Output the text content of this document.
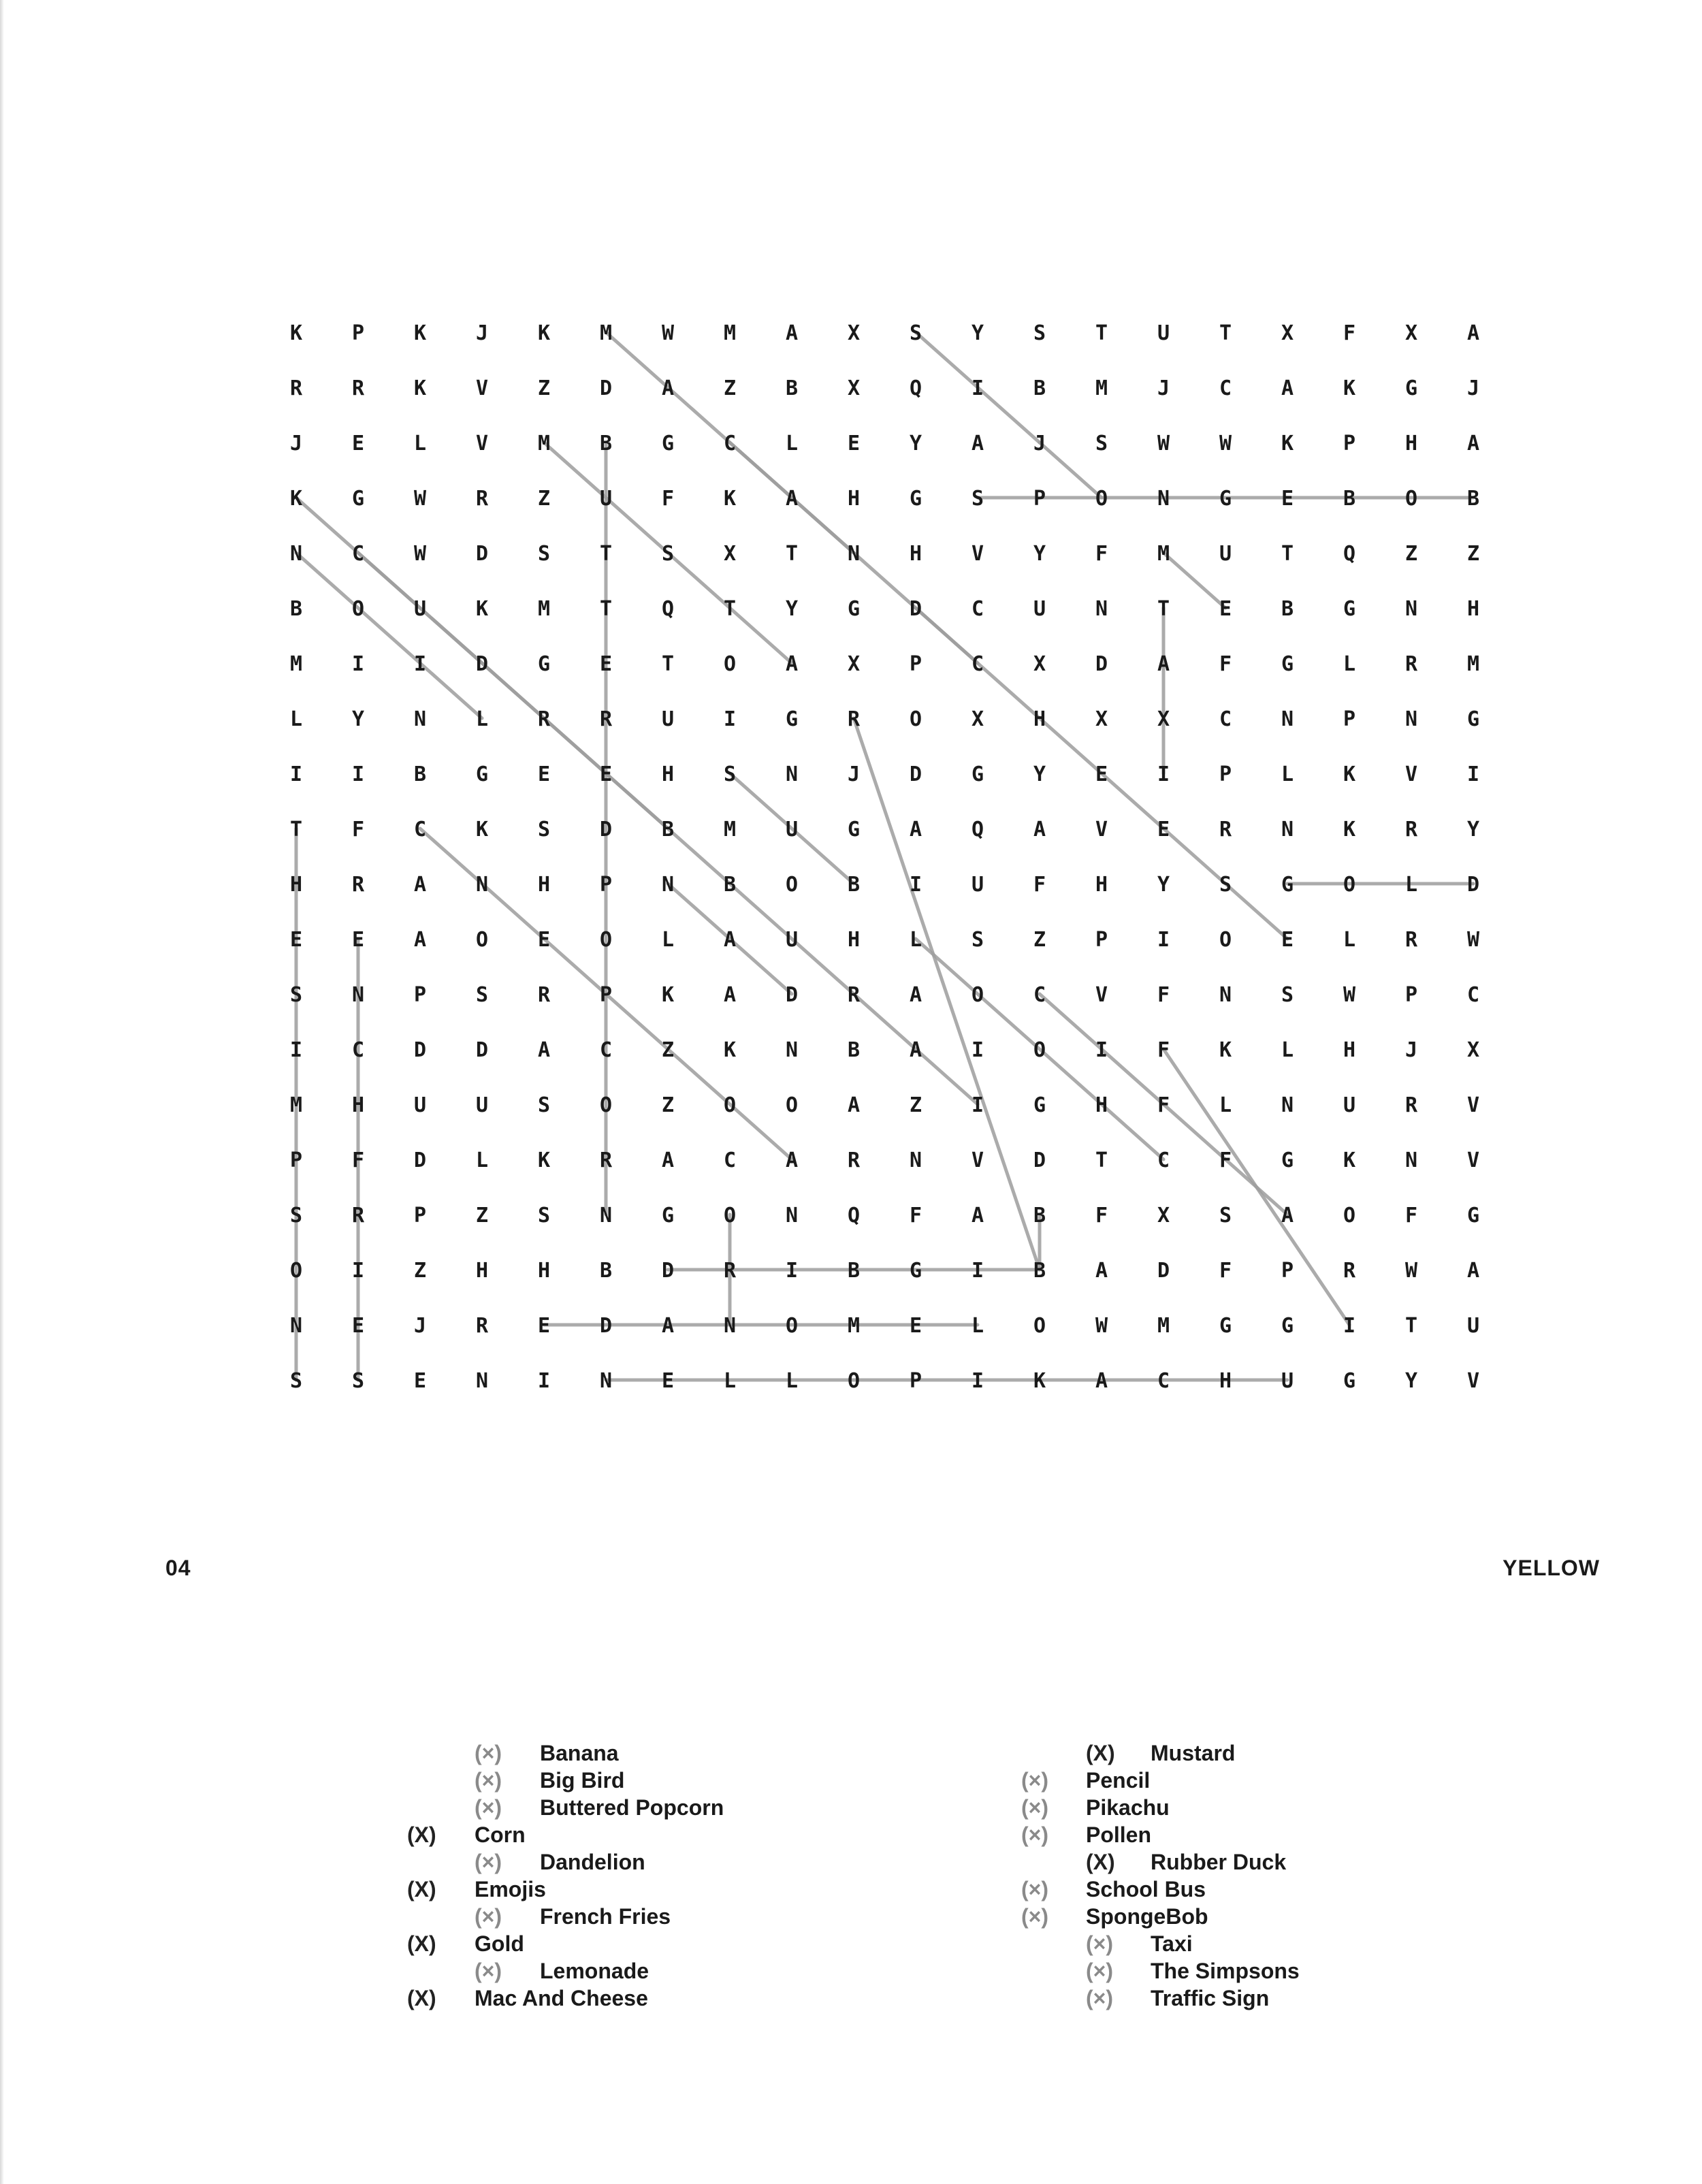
K P K J K M W M A X S Y S T U T X F X A
R R K V Z D A Z B X Q I B M J C A K G J
J E L V M B G C L E Y A J S W W K P H A
K G W R Z U F K A H G S P O N G E B O B
N C W D S T S X T N H V Y F M U T Q Z Z
B O U K M T Q T Y G D C U N T E B G N H
M I I D G E T O A X P C X D A F G L R M
L Y N L R R U I G R O X H X X C N P N G
I I B G E E H S N J D G Y E I P L K V I
T F C K S D B M U G A Q A V E R N K R Y
H R A N H P N B O B I U F H Y S G O L D
E E A O E O L A U H L S Z P I O E L R W
S N P S R P K A D R A O C V F N S W P C
I C D D A C Z K N B A I O I F K L H J X
M H U U S O Z O O A Z I G H F L N U R V
P F D L K R A C A R N V D T C F G K N V
S R P Z S N G O N Q F A B F X S A O F G
O I Z H H B D R I B G I B A D F P R W A
N E J R E D A N O M E L O W M G G I T U
S S E N I N E L L O P I K A C H U G Y V
04	YELLOW
(×) Banana
(×) Big Bird
(×) Buttered Popcorn
(X) Corn
(×) Dandelion
(X) Emojis
(×) French Fries
(X) Gold
(×) Lemonade
(X) Mac And Cheese
(X) Mustard
(×) Pencil
(×) Pikachu
(×) Pollen
(X) Rubber Duck
(×) School Bus
(×) SpongeBob
(×) Taxi
(×) The Simpsons
(×) Traffic Sign
